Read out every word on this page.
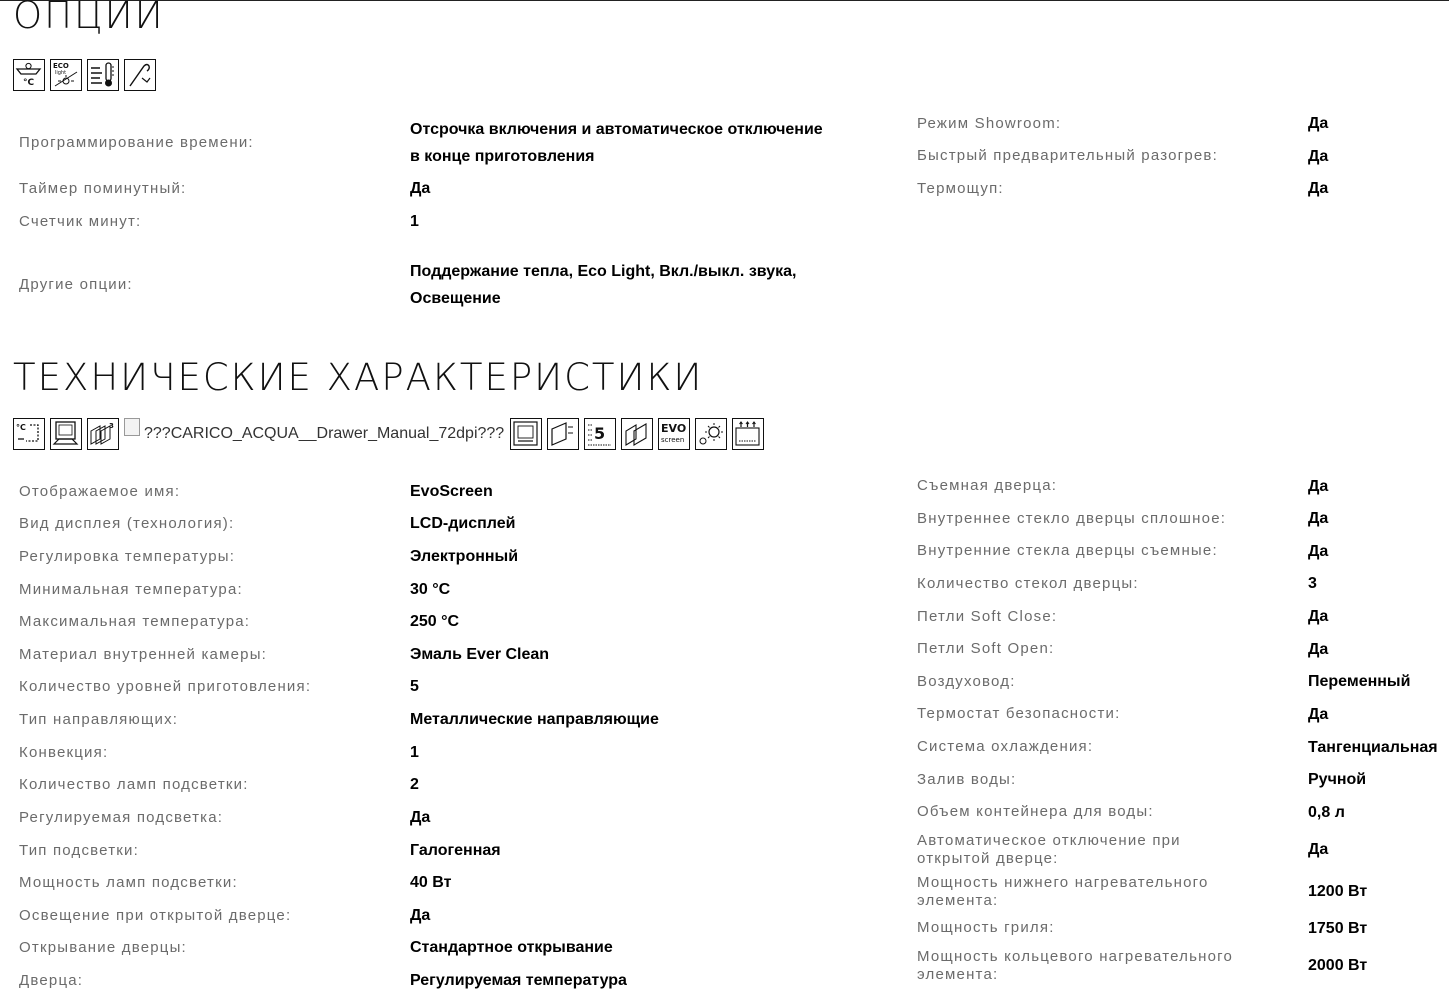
ОПЦИИ
°C
ECO
light
Программирование времени:
Отсрочка включения и автоматическое отключение
в конце приготовления
Таймер поминутный:	Да
Счетчик минут:	1
Другие опции:
Поддержание тепла, Eco Light, Вкл./выкл. звука,
Освещение
Режим Showroom:	Да
Быстрый предварительный разогрев:	Да
Термощуп:	Да
ТЕХНИЧЕСКИЕ ХАРАКТЕРИСТИКИ
°C	3 ???CARICO_ACQUA__Drawer_Manual_72dpi???	5	EVO
screen
Отображаемое имя:	EvoScreen
Вид дисплея (технология):	LCD-дисплей
Регулировка температуры:	Электронный
Минимальная температура:	30 °C
Максимальная температура:	250 °C
Материал внутренней камеры:	Эмаль Ever Clean
Количество уровней приготовления:	5
Тип направляющих:	Металлические направляющие
Конвекция:	1
Количество ламп подсветки:	2
Регулируемая подсветка:	Да
Тип подсветки:	Галогенная
Мощность ламп подсветки:	40 Вт
Освещение при открытой дверце:	Да
Открывание дверцы:	Стандартное открывание
Дверца:	Регулируемая температура
Съемная дверца:	Да
Внутреннее стекло дверцы сплошное:	Да
Внутренние стекла дверцы съемные:	Да
Количество стекол дверцы:	3
Петли Soft Close:	Да
Петли Soft Open:	Да
Воздуховод:	Переменный
Термостат безопасности:	Да
Система охлаждения:	Тангенциальная
Залив воды:	Ручной
Объем контейнера для воды:	0,8 л
Автоматическое отключение при
открытой дверце:
Да
Мощность нижнего нагревательного
элемента:
1200 Вт
Мощность гриля:	1750 Вт
Мощность кольцевого нагревательного
элемента:
2000 Вт
